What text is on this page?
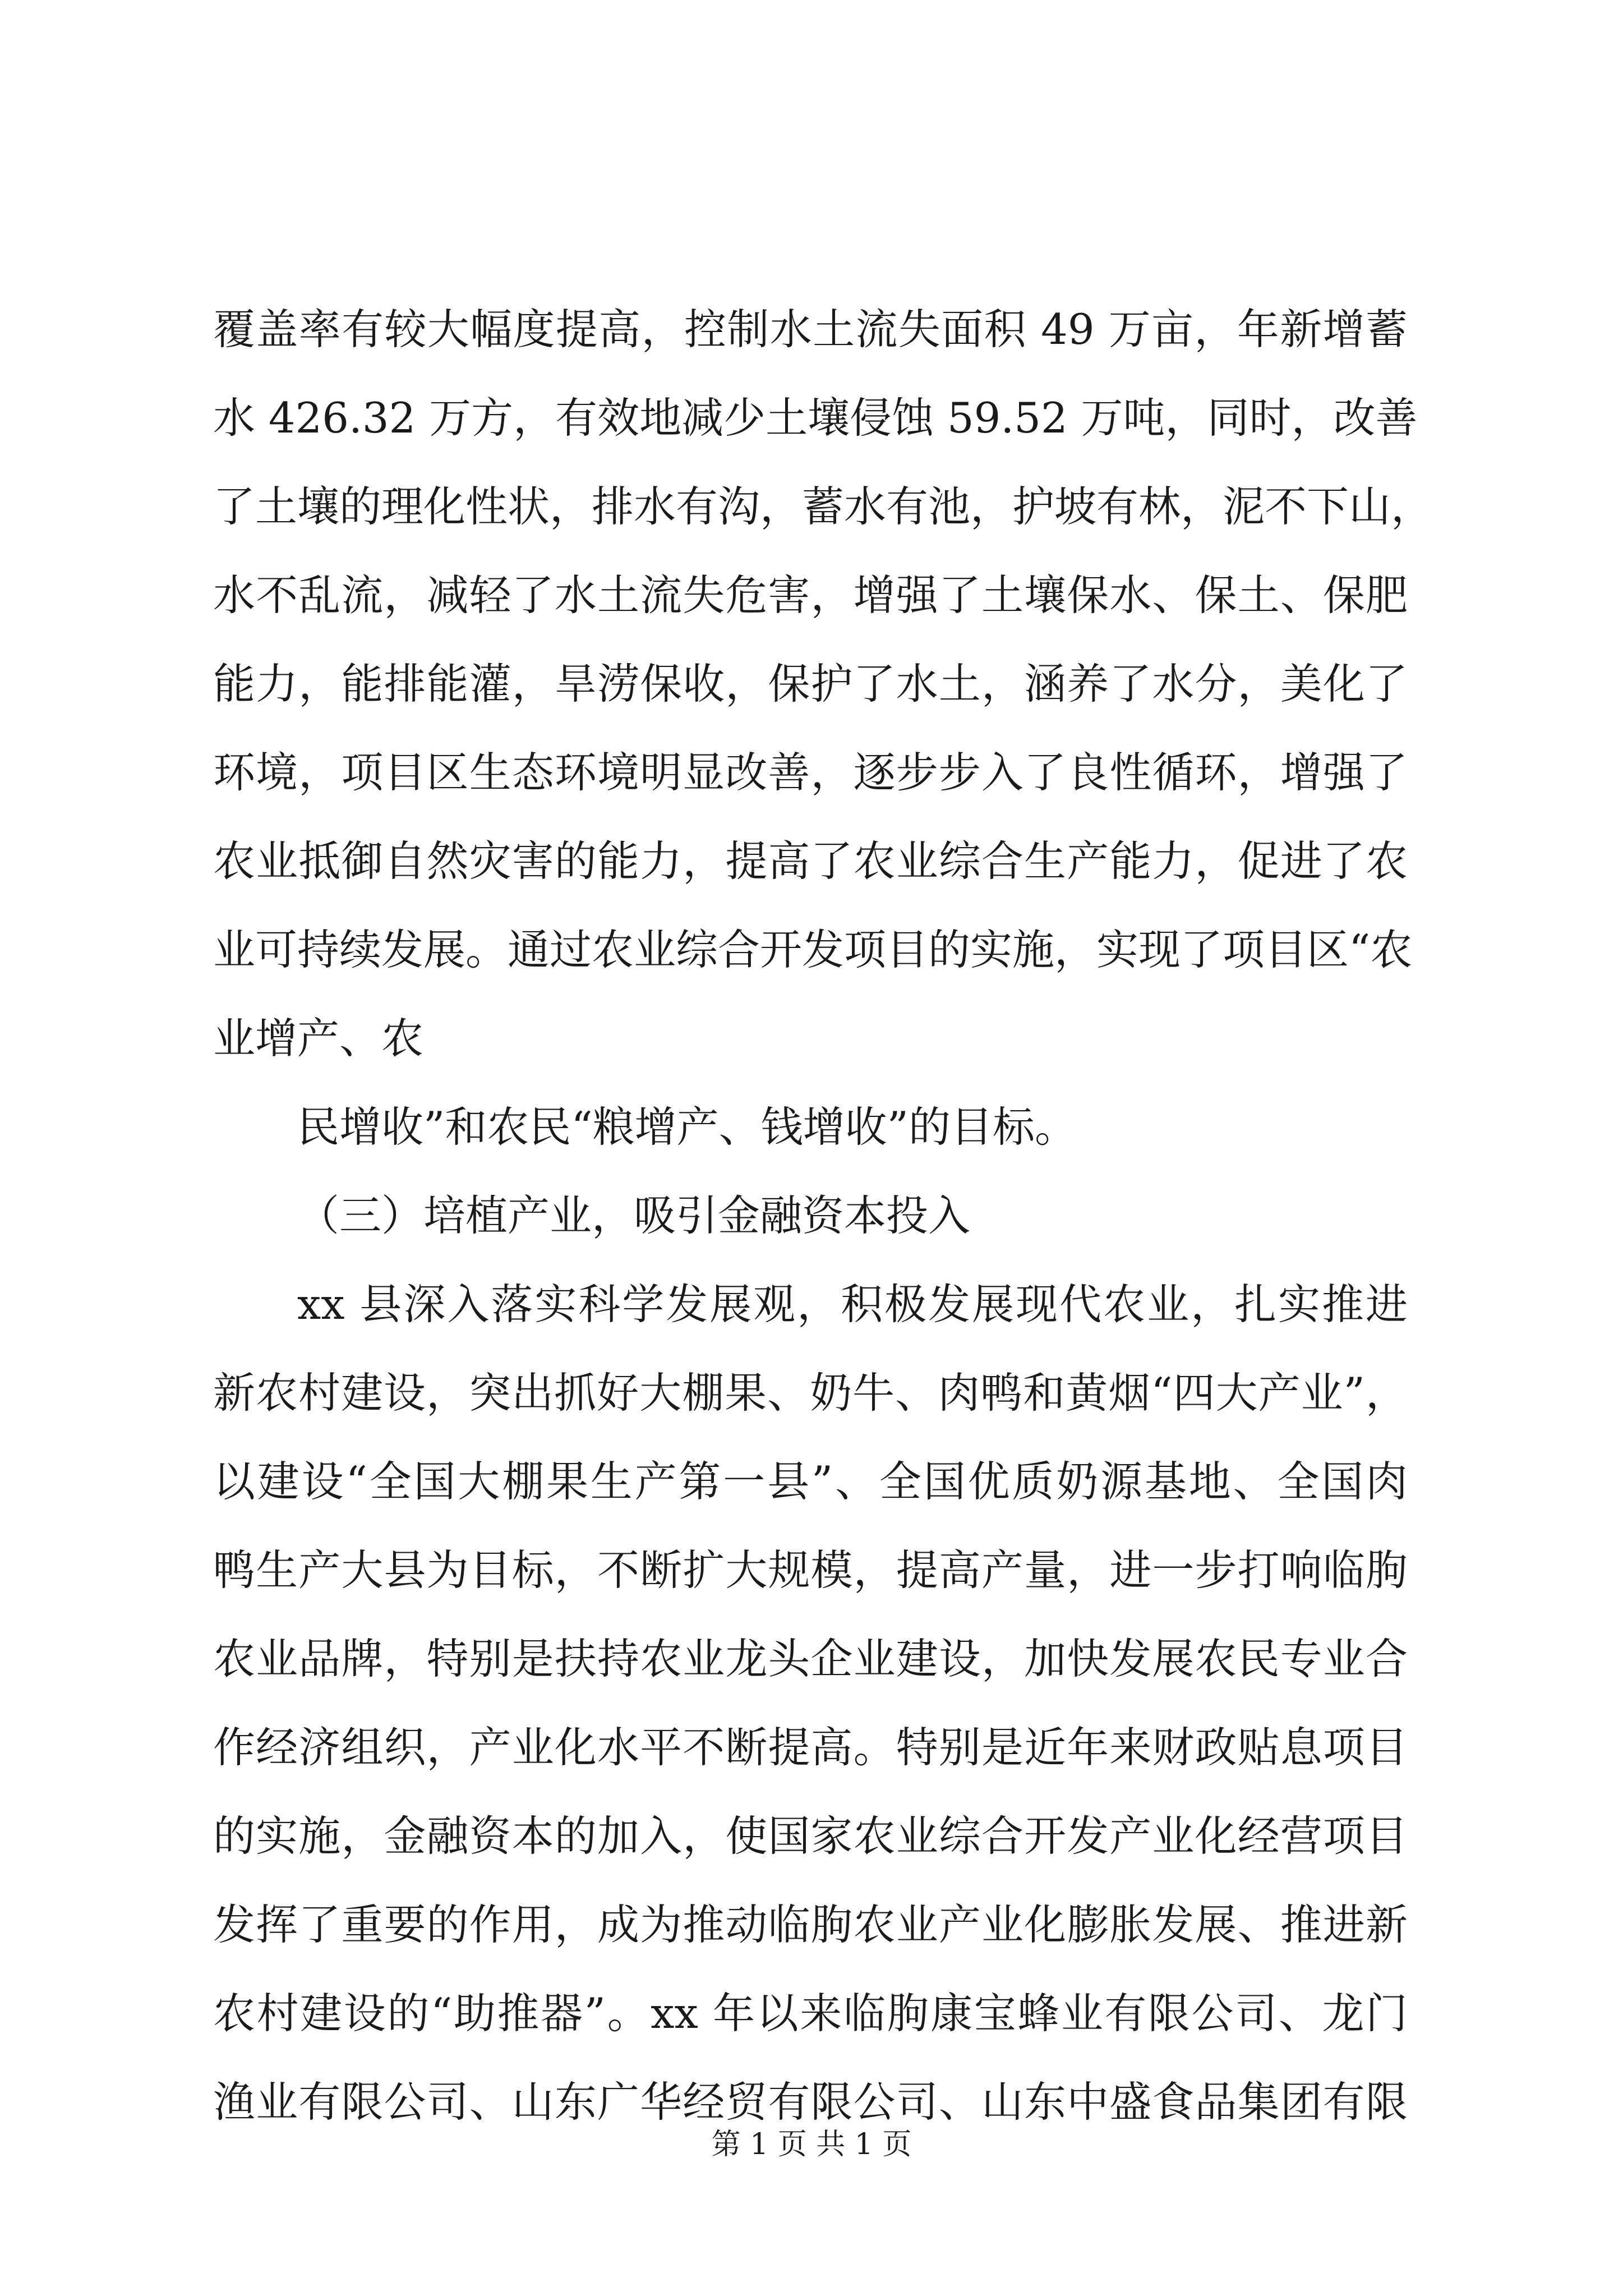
覆盖率有较大幅度提高，控制水土流失面积 49 万亩，年新增蓄
水 426.32 万方，有效地减少土壤侵蚀 59.52 万吨，同时，改善
了土壤的理化性状，排水有沟，蓄水有池，护坡有林，泥不下山，
水不乱流，减轻了水土流失危害，增强了土壤保水、保土、保肥
能力，能排能灌，旱涝保收，保护了水土，涵养了水分，美化了
环境，项目区生态环境明显改善，逐步步入了良性循环，增强了
农业抵御自然灾害的能力，提高了农业综合生产能力，促进了农
业可持续发展。通过农业综合开发项目的实施，实现了项目区“农
业增产、农
民增收”和农民“粮增产、钱增收”的目标。
（三）培植产业，吸引金融资本投入
xx 县深入落实科学发展观，积极发展现代农业，扎实推进
新农村建设，突出抓好大棚果、奶牛、肉鸭和黄烟“四大产业”，
以建设“全国大棚果生产第一县”、全国优质奶源基地、全国肉
鸭生产大县为目标，不断扩大规模，提高产量，进一步打响临朐
农业品牌，特别是扶持农业龙头企业建设，加快发展农民专业合
作经济组织，产业化水平不断提高。特别是近年来财政贴息项目
的实施，金融资本的加入，使国家农业综合开发产业化经营项目
发挥了重要的作用，成为推动临朐农业产业化膨胀发展、推进新
农村建设的“助推器”。xx 年以来临朐康宝蜂业有限公司、龙门
渔业有限公司、山东广华经贸有限公司、山东中盛食品集团有限
第 1 页 共 1 页
